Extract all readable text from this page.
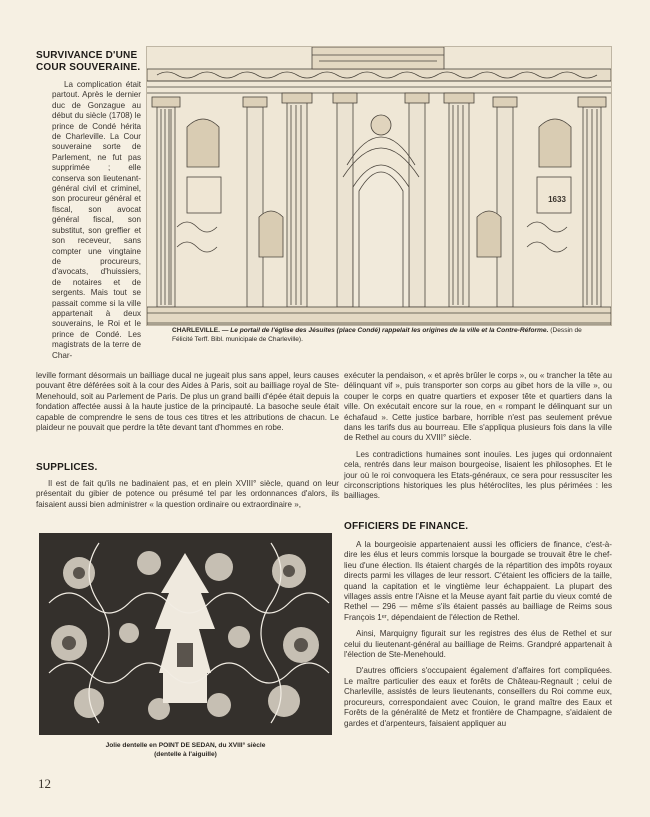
SURVIVANCE D'UNE
COUR SOUVERAINE.
La complication était partout. Après le dernier duc de Gonzague au début du siècle (1708) le prince de Condé hérita de Charleville. La Cour souveraine sorte de Parlement, ne fut pas supprimée ; elle conserva son lieutenant-général civil et criminel, son procureur général et fiscal, son avocat général fiscal, son substitut, son greffier et son receveur, sans compter une vingtaine de procureurs, d'avocats, d'huissiers, de notaires et de sergents. Mais tout se passait comme si la ville appartenait à deux souverains, le Roi et le prince de Condé. Les magistrats de la terre de Char-
1633
CHARLEVILLE. — Le portail de l'église des Jésuites (place Condé) rappelait les origines de la ville et la Contre-Réforme. (Dessin de Félicité Terff. Bibl. municipale de Charleville).
leville formant désormais un bailliage ducal ne jugeait plus sans appel, leurs causes pouvant être déférées soit à la cour des Aides à Paris, soit au bailliage royal de Ste-Menehould, soit au Parlement de Paris. De plus un grand bailli d'épée était depuis la fondation affectée aussi à la haute justice de la principauté. La basoche seule était capable de comprendre le sens de tous ces titres et les attributions de chacun. Le plaideur ne pouvait que perdre la tête devant tant d'hommes en robe.
SUPPLICES.
Il est de fait qu'ils ne badinaient pas, et en plein XVIII° siècle, quand on leur présentait du gibier de potence ou présumé tel par les ordonnances d'alors, ils faisaient aussi bien administrer « la question ordinaire ou extraordinaire »,
Jolie dentelle en POINT DE SEDAN, du XVIII° siècle
(dentelle à l'aiguille)

exécuter la pendaison, « et après brûler le corps », ou « trancher la tête au délinquant vif », puis transporter son corps au gibet hors de la ville », ou couper le corps en quatre quartiers et exposer tête et quartiers dans la ville. On exécutait encore sur la roue, en « rompant le délinquant sur un échafaud ». Cette justice barbare, horrible n'est pas seulement prévue dans les tarifs dus au bourreau. Elle s'appliqua plusieurs fois dans la ville de Rethel au cours du XVIII° siècle.

Les contradictions humaines sont inouïes. Les juges qui ordonnaient cela, rentrés dans leur maison bourgeoise, lisaient les philosophes. Et le jour où le roi convoquera les Etats-généraux, ce sera pour ressusciter les circonscriptions historiques les plus hétéroclites, les plus périmées : les bailliages.

OFFICIERS DE FINANCE.

A la bourgeoisie appartenaient aussi les officiers de finance, c'est-à-dire les élus et leurs commis lorsque la bourgade se trouvait être le chef-lieu d'une élection. Ils étaient chargés de la répartition des impôts royaux directs parmi les villages de leur ressort. C'étaient les officiers de la taille, quand la capitation et le vingtième leur échappaient. La plupart des villages assis entre l'Aisne et la Meuse ayant fait partie du vieux comté de Rethel — 296 — même s'ils étaient passés au bailliage de Reims sous François 1ᵉʳ, dépendaient de l'élection de Rethel.

Ainsi, Marquigny figurait sur les registres des élus de Rethel et sur celui du lieutenant-général au bailliage de Reims. Grandpré appartenait à l'élection de Ste-Menehould.

D'autres officiers s'occupaient également d'affaires fort compliquées. Le maître particulier des eaux et forêts de Château-Regnault ; celui de Charleville, assistés de leurs lieutenants, conseillers du Roi comme eux, procureurs, correspondaient avec Couion, le grand maître des Eaux et Forêts de la généralité de Metz et frontière de Champagne, s'aidaient de gardes et d'arpenteurs, faisaient appliquer au

12
